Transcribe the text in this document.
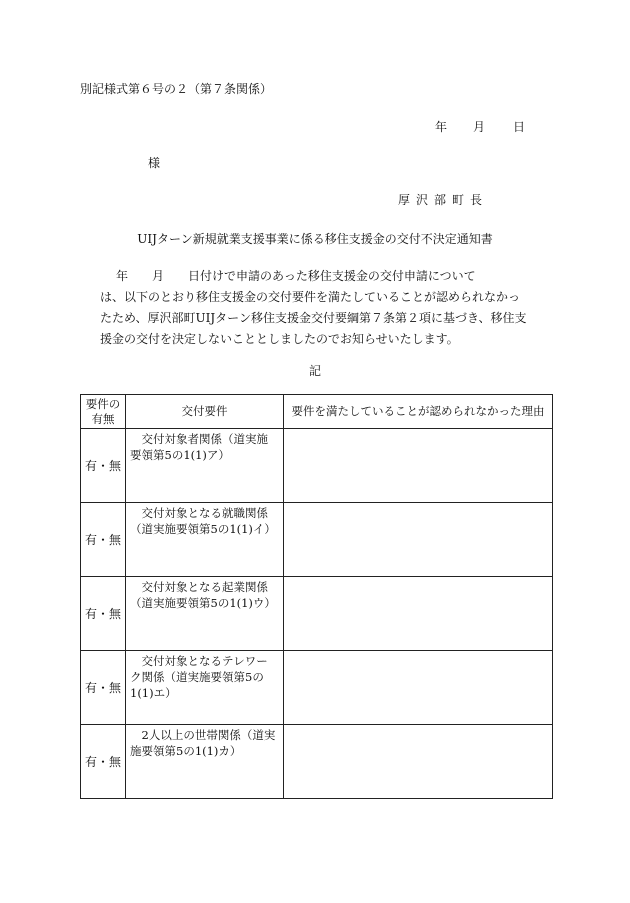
別記様式第６号の２（第７条関係）
年 月 日
様
厚沢部町長
UIJターン新規就業支援事業に係る移住支援金の交付不決定通知書
　　　年　　月　　日付けで申請のあった移住支援金の交付申請について
は、以下のとおり移住支援金の交付要件を満たしていることが認められなかっ
たため、厚沢部町UIJターン移住支援金交付要綱第７条第２項に基づき、移住支
援金の交付を決定しないこととしましたのでお知らせいたします。
記
要件の有無	交付要件	要件を満たしていることが認められなかった理由
有・無	　交付対象者関係（道実施要領第5の1(1)ア）	
有・無	　交付対象となる就職関係（道実施要領第5の1(1)イ）	
有・無	　交付対象となる起業関係（道実施要領第5の1(1)ウ）	
有・無	　交付対象となるテレワーク関係（道実施要領第5の1(1)エ）	
有・無	　2人以上の世帯関係（道実施要領第5の1(1)カ）	
